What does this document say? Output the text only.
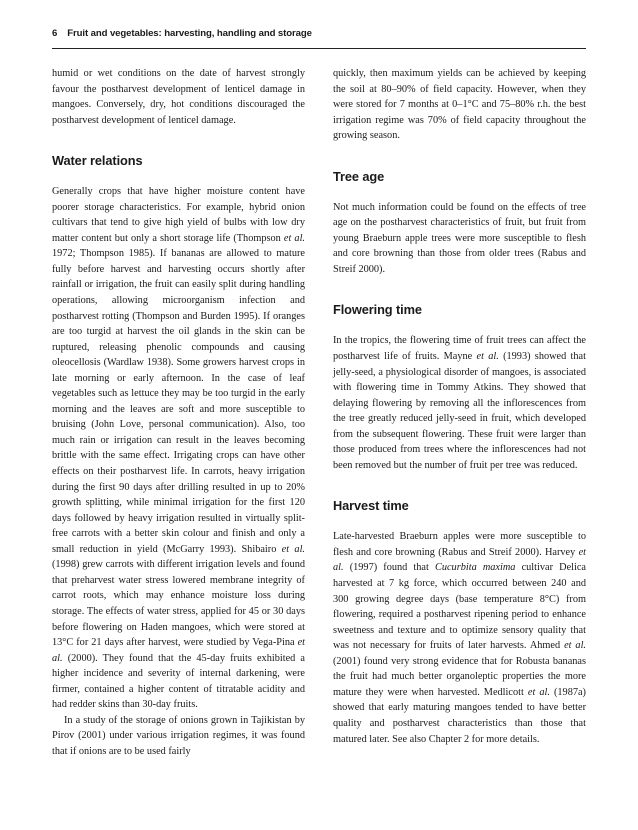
6 Fruit and vegetables: harvesting, handling and storage

humid or wet conditions on the date of harvest strongly favour the postharvest development of lenticel damage in mangoes. Conversely, dry, hot conditions discouraged the postharvest development of lenticel damage.

Water relations

Generally crops that have higher moisture content have poorer storage characteristics. For example, hybrid onion cultivars that tend to give high yield of bulbs with low dry matter content but only a short storage life (Thompson et al. 1972; Thompson 1985). If bananas are allowed to mature fully before harvest and harvesting occurs shortly after rainfall or irrigation, the fruit can easily split during handling operations, allowing microorganism infection and postharvest rotting (Thompson and Burden 1995). If oranges are too turgid at harvest the oil glands in the skin can be ruptured, releasing phenolic compounds and causing oleocellosis (Wardlaw 1938). Some growers harvest crops in late morning or early afternoon. In the case of leaf vegetables such as lettuce they may be too turgid in the early morning and the leaves are soft and more susceptible to bruising (John Love, personal communication). Also, too much rain or irrigation can result in the leaves becoming brittle with the same effect. Irrigating crops can have other effects on their postharvest life. In carrots, heavy irrigation during the first 90 days after drilling resulted in up to 20% growth splitting, while minimal irrigation for the first 120 days followed by heavy irrigation resulted in virtually split-free carrots with a better skin colour and finish and only a small reduction in yield (McGarry 1993). Shibairo et al. (1998) grew carrots with different irrigation levels and found that preharvest water stress lowered membrane integrity of carrot roots, which may enhance moisture loss during storage. The effects of water stress, applied for 45 or 30 days before flowering on Haden mangoes, which were stored at 13°C for 21 days after harvest, were studied by Vega-Pina et al. (2000). They found that the 45-day fruits exhibited a higher incidence and severity of internal darkening, were firmer, contained a higher content of titratable acidity and had redder skins than 30-day fruits.

In a study of the storage of onions grown in Tajikistan by Pirov (2001) under various irrigation regimes, it was found that if onions are to be used fairly

quickly, then maximum yields can be achieved by keeping the soil at 80–90% of field capacity. However, when they were stored for 7 months at 0–1°C and 75–80% r.h. the best irrigation regime was 70% of field capacity throughout the growing season.

Tree age

Not much information could be found on the effects of tree age on the postharvest characteristics of fruit, but fruit from young Braeburn apple trees were more susceptible to flesh and core browning than those from older trees (Rabus and Streif 2000).

Flowering time

In the tropics, the flowering time of fruit trees can affect the postharvest life of fruits. Mayne et al. (1993) showed that jelly-seed, a physiological disorder of mangoes, is associated with flowering time in Tommy Atkins. They showed that delaying flowering by removing all the inflorescences from the tree greatly reduced jelly-seed in fruit, which developed from the subsequent flowering. These fruit were larger than those produced from trees where the inflorescences had not been removed but the number of fruit per tree was reduced.

Harvest time

Late-harvested Braeburn apples were more susceptible to flesh and core browning (Rabus and Streif 2000). Harvey et al. (1997) found that Cucurbita maxima cultivar Delica harvested at 7 kg force, which occurred between 240 and 300 growing degree days (base temperature 8°C) from flowering, required a postharvest ripening period to enhance sweetness and texture and to optimize sensory quality that was not necessary for fruits of later harvests. Ahmed et al. (2001) found very strong evidence that for Robusta bananas the fruit had much better organoleptic properties the more mature they were when harvested. Medlicott et al. (1987a) showed that early maturing mangoes tended to have better quality and postharvest characteristics than those that matured later. See also Chapter 2 for more details.
